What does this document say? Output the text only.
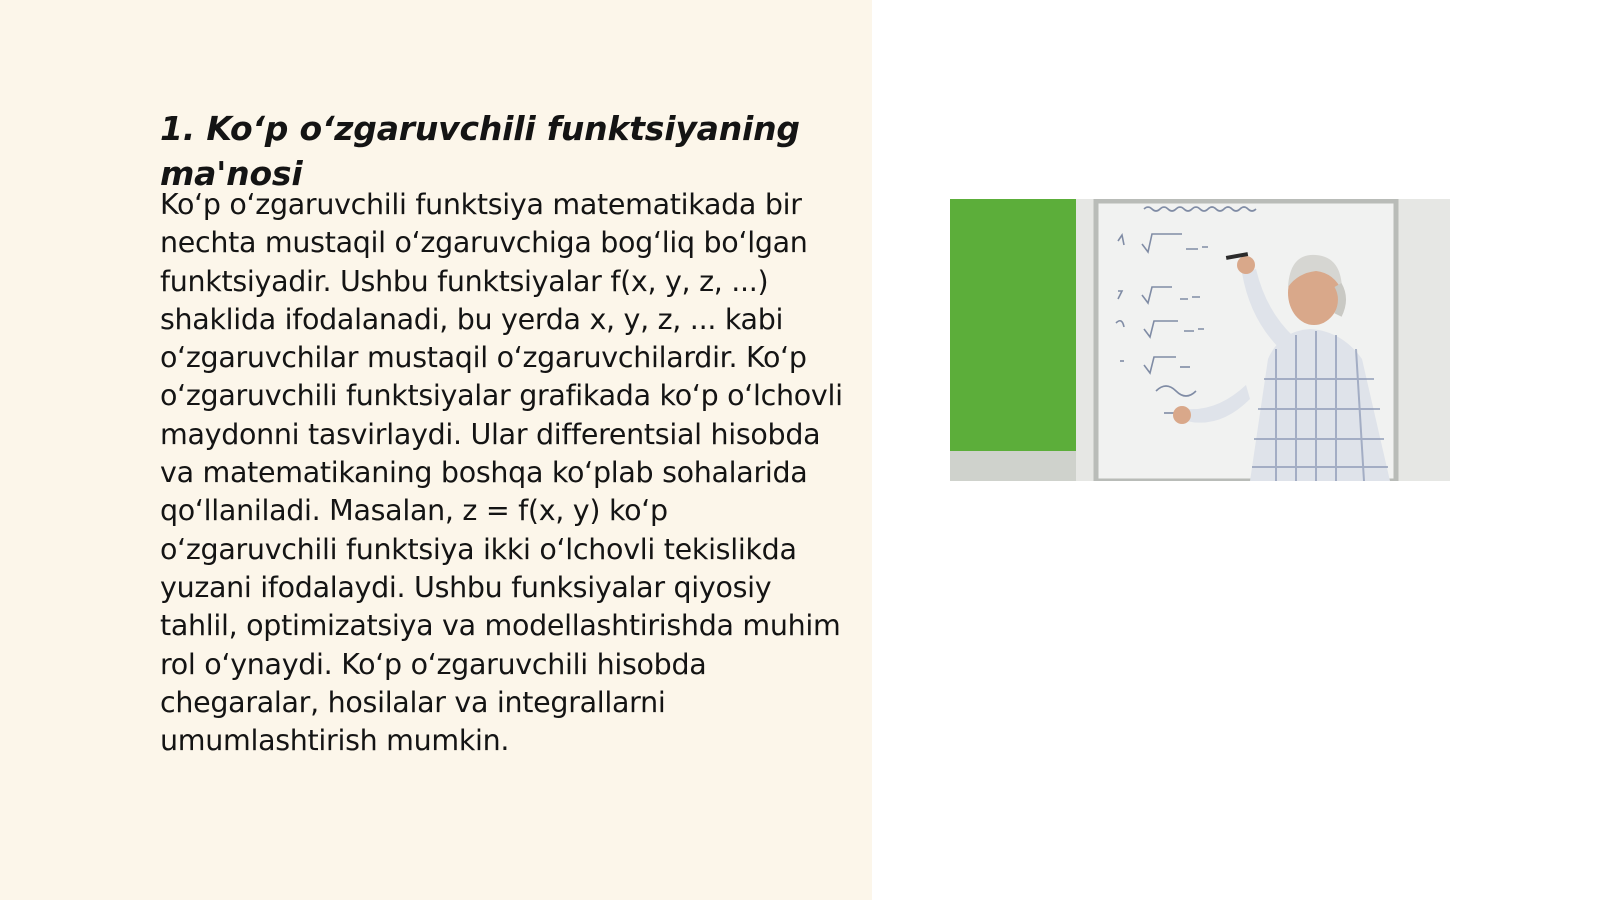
1. Ko‘p o‘zgaruvchili funktsiyaning ma'nosi

Ko‘p o‘zgaruvchili funktsiya matematikada bir nechta mustaqil o‘zgaruvchiga bog‘liq bo‘lgan funktsiyadir. Ushbu funktsiyalar f(x, y, z, ...) shaklida ifodalanadi, bu yerda x, y, z, ... kabi o‘zgaruvchilar mustaqil o‘zgaruvchilardir. Ko‘p o‘zgaruvchili funktsiyalar grafikada ko‘p o‘lchovli maydonni tasvirlaydi. Ular differentsial hisobda va matematikaning boshqa ko‘plab sohalarida qo‘llaniladi. Masalan, z = f(x, y) ko‘p o‘zgaruvchili funktsiya ikki o‘lchovli tekislikda yuzani ifodalaydi. Ushbu funksiyalar qiyosiy tahlil, optimizatsiya va modellashtirishda muhim rol o‘ynaydi. Ko‘p o‘zgaruvchili hisobda chegaralar, hosilalar va integrallarni umumlashtirish mumkin.
